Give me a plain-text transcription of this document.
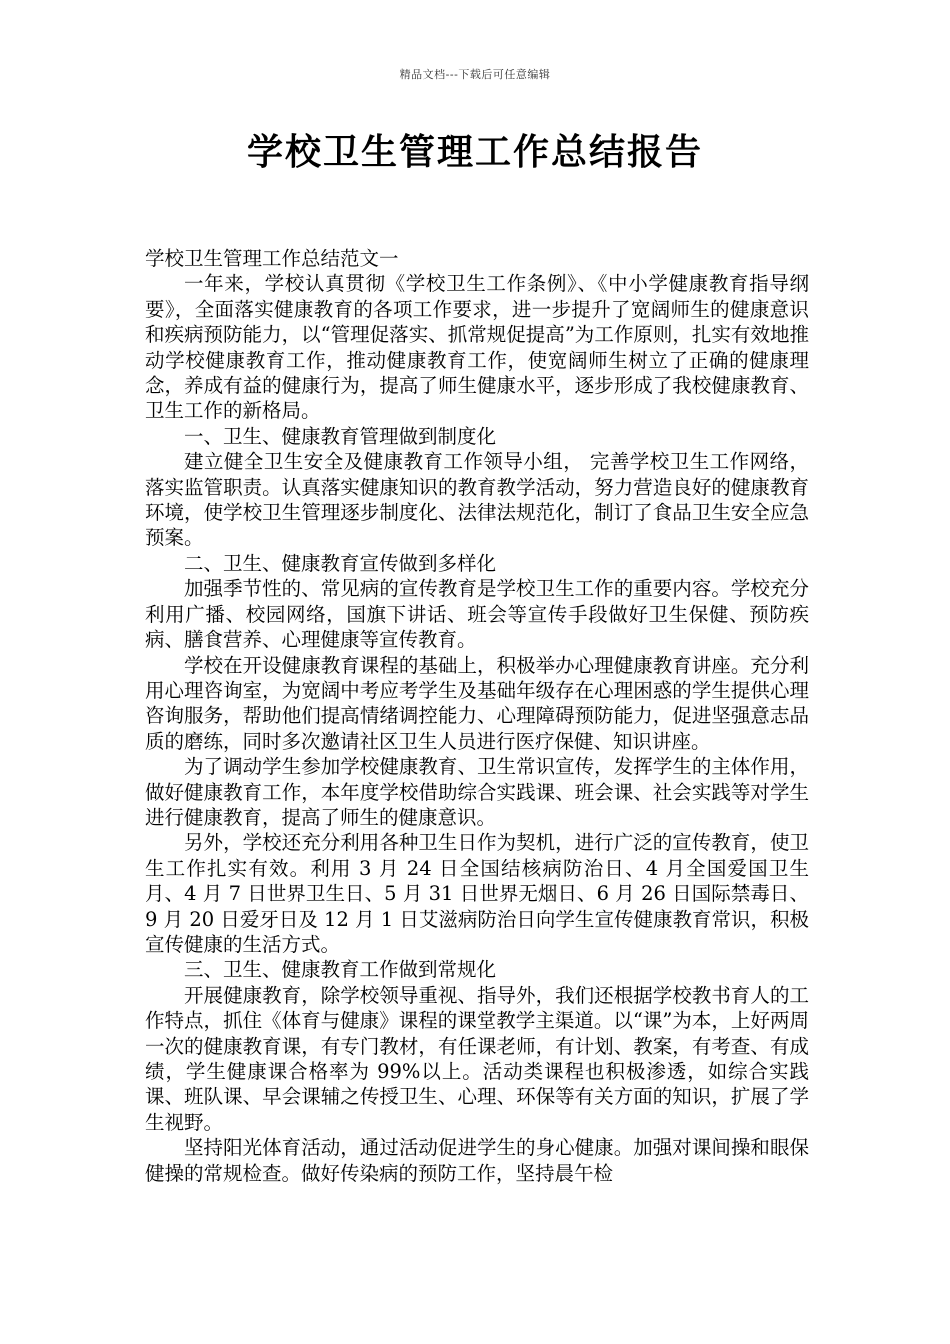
精品文档---下载后可任意编辑
学校卫生管理工作总结报告

学校卫生管理工作总结范文一

一年来，学校认真贯彻《学校卫生工作条例》、《中小学健康教育指导纲要》，全面落实健康教育的各项工作要求，进一步提升了宽阔师生的健康意识和疾病预防能力，以“管理促落实、抓常规促提高”为工作原则，扎实有效地推动学校健康教育工作，推动健康教育工作，使宽阔师生树立了正确的健康理念，养成有益的健康行为，提高了师生健康水平，逐步形成了我校健康教育、卫生工作的新格局。

一、卫生、健康教育管理做到制度化

建立健全卫生安全及健康教育工作领导小组， 完善学校卫生工作网络，落实监管职责。认真落实健康知识的教育教学活动，努力营造良好的健康教育环境，使学校卫生管理逐步制度化、法律法规范化，制订了食品卫生安全应急预案。

二、卫生、健康教育宣传做到多样化

加强季节性的、常见病的宣传教育是学校卫生工作的重要内容。学校充分利用广播、校园网络，国旗下讲话、班会等宣传手段做好卫生保健、预防疾病、膳食营养、心理健康等宣传教育。

学校在开设健康教育课程的基础上，积极举办心理健康教育讲座。充分利用心理咨询室，为宽阔中考应考学生及基础年级存在心理困惑的学生提供心理咨询服务，帮助他们提高情绪调控能力、心理障碍预防能力，促进坚强意志品质的磨练，同时多次邀请社区卫生人员进行医疗保健、知识讲座。

为了调动学生参加学校健康教育、卫生常识宣传，发挥学生的主体作用，做好健康教育工作，本年度学校借助综合实践课、班会课、社会实践等对学生进行健康教育，提高了师生的健康意识。

另外，学校还充分利用各种卫生日作为契机，进行广泛的宣传教育，使卫生工作扎实有效。利用 3 月 24 日全国结核病防治日、4 月全国爱国卫生月、4 月 7 日世界卫生日、5 月 31 日世界无烟日、6 月 26 日国际禁毒日、9 月 20 日爱牙日及 12 月 1 日艾滋病防治日向学生宣传健康教育常识，积极宣传健康的生活方式。

三、卫生、健康教育工作做到常规化

开展健康教育，除学校领导重视、指导外，我们还根据学校教书育人的工作特点，抓住《体育与健康》课程的课堂教学主渠道。以“课”为本，上好两周一次的健康教育课，有专门教材，有任课老师，有计划、教案，有考查、有成绩，学生健康课合格率为 99%以上。活动类课程也积极渗透，如综合实践课、班队课、早会课辅之传授卫生、心理、环保等有关方面的知识，扩展了学生视野。

坚持阳光体育活动，通过活动促进学生的身心健康。加强对课间操和眼保健操的常规检查。做好传染病的预防工作，坚持晨午检
